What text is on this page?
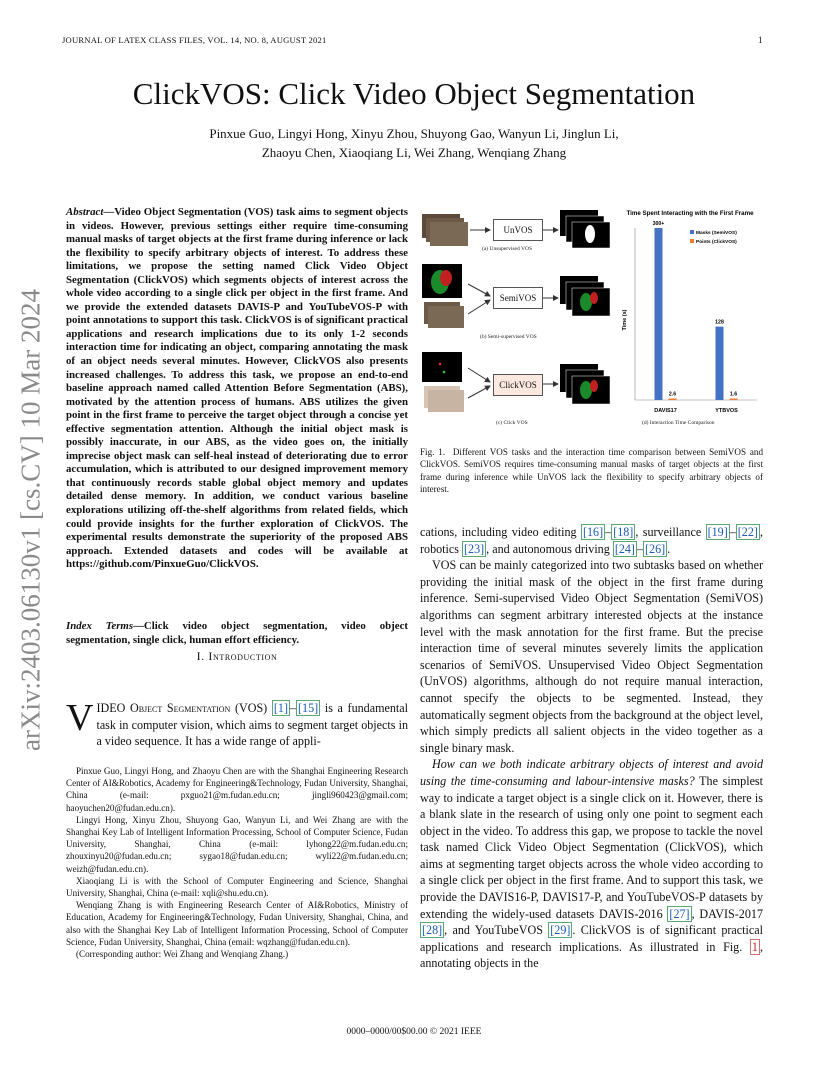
JOURNAL OF LATEX CLASS FILES, VOL. 14, NO. 8, AUGUST 2021	1
arXiv:2403.06130v1 [cs.CV] 10 Mar 2024
ClickVOS: Click Video Object Segmentation
Pinxue Guo, Lingyi Hong, Xinyu Zhou, Shuyong Gao, Wanyun Li, Jinglun Li,
Zhaoyu Chen, Xiaoqiang Li, Wei Zhang, Wenqiang Zhang
Abstract—Video Object Segmentation (VOS) task aims to segment objects in videos. However, previous settings either require time-consuming manual masks of target objects at the first frame during inference or lack the flexibility to specify arbitrary objects of interest. To address these limitations, we propose the setting named Click Video Object Segmentation (ClickVOS) which segments objects of interest across the whole video according to a single click per object in the first frame. And we provide the extended datasets DAVIS-P and YouTubeVOS-P with point annotations to support this task. ClickVOS is of significant practical applications and research implications due to its only 1-2 seconds interaction time for indicating an object, comparing annotating the mask of an object needs several minutes. However, ClickVOS also presents increased challenges. To address this task, we propose an end-to-end baseline approach named called Attention Before Segmentation (ABS), motivated by the attention process of humans. ABS utilizes the given point in the first frame to perceive the target object through a concise yet effective segmentation attention. Although the initial object mask is possibly inaccurate, in our ABS, as the video goes on, the initially imprecise object mask can self-heal instead of deteriorating due to error accumulation, which is attributed to our designed improvement memory that continuously records stable global object memory and updates detailed dense memory. In addition, we conduct various baseline explorations utilizing off-the-shelf algorithms from related fields, which could provide insights for the further exploration of ClickVOS. The experimental results demonstrate the superiority of the proposed ABS approach. Extended datasets and codes will be available at https://github.com/PinxueGuo/ClickVOS.
Index Terms—Click video object segmentation, video object segmentation, single click, human effort efficiency.
I. Introduction
VIDEO Object Segmentation (VOS) [1] – [15] is a fundamental task in computer vision, which aims to segment target objects in a video sequence. It has a wide range of appli-

Pinxue Guo, Lingyi Hong, and Zhaoyu Chen are with the Shanghai Engineering Research Center of AI&Robotics, Academy for Engineering&Technology, Fudan University, Shanghai, China (e-mail: pxguo21@m.fudan.edu.cn; jingli960423@gmail.com; haoyuchen20@fudan.edu.cn).

Lingyi Hong, Xinyu Zhou, Shuyong Gao, Wanyun Li, and Wei Zhang are with the Shanghai Key Lab of Intelligent Information Processing, School of Computer Science, Fudan University, Shanghai, China (e-mail: lyhong22@m.fudan.edu.cn; zhouxinyu20@fudan.edu.cn; sygao18@fudan.edu.cn; wyli22@m.fudan.edu.cn; weizh@fudan.edu.cn).

Xiaoqiang Li is with the School of Computer Engineering and Science, Shanghai University, Shanghai, China (e-mail: xqli@shu.edu.cn).

Wenqiang Zhang is with Engineering Research Center of AI&Robotics, Ministry of Education, Academy for Engineering&Technology, Fudan University, Shanghai, China, and also with the Shanghai Key Lab of Intelligent Information Processing, School of Computer Science, Fudan University, Shanghai, China (email: wqzhang@fudan.edu.cn).

(Corresponding author: Wei Zhang and Wenqiang Zhang.)

UnVOS
SemiVOS
ClickVOS
(a) Unsupervised VOS
(b) Semi-supervised VOS
(c) Click VOS
Time Spent Interacting with the First Frame
Time (s)
300+
2.6
DAVIS17
128
1.6
YTBVOS
Masks (SemiVOS)
Points (ClickVOS)
(d) Interaction Time Comparison
Fig. 1. Different VOS tasks and the interaction time comparison between SemiVOS and ClickVOS. SemiVOS requires time-consuming manual masks of target objects at the first frame during inference while UnVOS lack the flexibility to specify arbitrary objects of interest.

cations, including video editing [16] – [18] , surveillance [19] – [22] , robotics [23] , and autonomous driving [24] – [26] .

VOS can be mainly categorized into two subtasks based on whether providing the initial mask of the object in the first frame during inference. Semi-supervised Video Object Segmentation (SemiVOS) algorithms can segment arbitrary interested objects at the instance level with the mask annotation for the first frame. But the precise interaction time of several minutes severely limits the application scenarios of SemiVOS. Unsupervised Video Object Segmentation (UnVOS) algorithms, although do not require manual interaction, cannot specify the objects to be segmented. Instead, they automatically segment objects from the background at the object level, which simply predicts all salient objects in the video together as a single binary mask.

How can we both indicate arbitrary objects of interest and avoid using the time-consuming and labour-intensive masks? The simplest way to indicate a target object is a single click on it. However, there is a blank slate in the research of using only one point to segment each object in the video. To address this gap, we propose to tackle the novel task named Click Video Object Segmentation (ClickVOS), which aims at segmenting target objects across the whole video according to a single click per object in the first frame. And to support this task, we provide the DAVIS16-P, DAVIS17-P, and YouTubeVOS-P datasets by extending the widely-used datasets DAVIS-2016 [27] , DAVIS-2017 [28] , and YouTubeVOS [29] . ClickVOS is of significant practical applications and research implications. As illustrated in Fig. 1 , annotating objects in the

0000–0000/00$00.00 © 2021 IEEE
